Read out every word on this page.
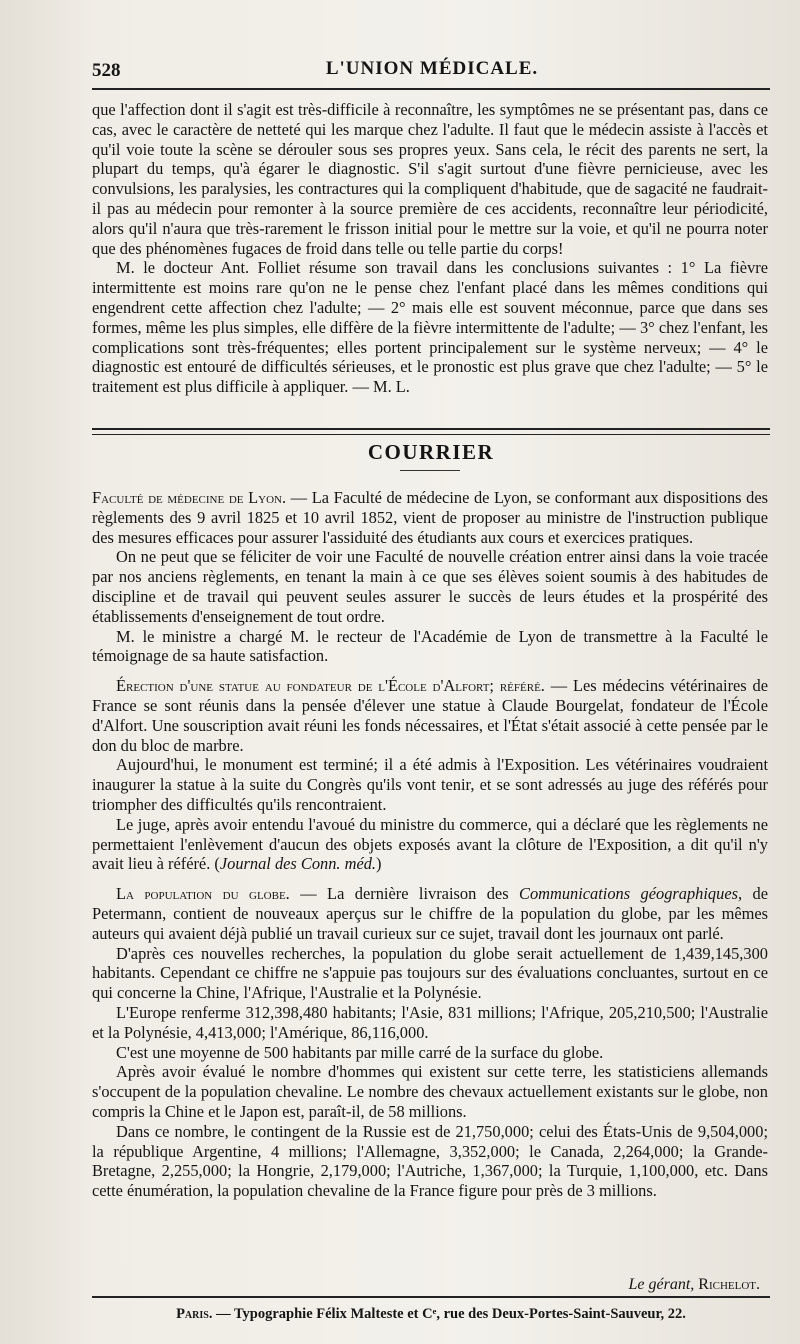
528	L'UNION MÉDICALE.

que l'affection dont il s'agit est très-difficile à reconnaître, les symptômes ne se présentant pas, dans ce cas, avec le caractère de netteté qui les marque chez l'adulte. Il faut que le médecin assiste à l'accès et qu'il voie toute la scène se dérouler sous ses propres yeux. Sans cela, le récit des parents ne sert, la plupart du temps, qu'à égarer le diagnostic. S'il s'agit surtout d'une fièvre pernicieuse, avec les convulsions, les paralysies, les contractures qui la compliquent d'habitude, que de sagacité ne faudrait-il pas au médecin pour remonter à la source première de ces accidents, reconnaître leur périodicité, alors qu'il n'aura que très-rarement le frisson initial pour le mettre sur la voie, et qu'il ne pourra noter que des phénomènes fugaces de froid dans telle ou telle partie du corps!

M. le docteur Ant. Folliet résume son travail dans les conclusions suivantes : 1° La fièvre intermittente est moins rare qu'on ne le pense chez l'enfant placé dans les mêmes conditions qui engendrent cette affection chez l'adulte; — 2° mais elle est souvent méconnue, parce que dans ses formes, même les plus simples, elle diffère de la fièvre intermittente de l'adulte; — 3° chez l'enfant, les complications sont très-fréquentes; elles portent principalement sur le système nerveux; — 4° le diagnostic est entouré de difficultés sérieuses, et le pronostic est plus grave que chez l'adulte; — 5° le traitement est plus difficile à appliquer. — M. L.

COURRIER

Faculté de médecine de Lyon. — La Faculté de médecine de Lyon, se conformant aux dispositions des règlements des 9 avril 1825 et 10 avril 1852, vient de proposer au ministre de l'instruction publique des mesures efficaces pour assurer l'assiduité des étudiants aux cours et exercices pratiques.

On ne peut que se féliciter de voir une Faculté de nouvelle création entrer ainsi dans la voie tracée par nos anciens règlements, en tenant la main à ce que ses élèves soient soumis à des habitudes de discipline et de travail qui peuvent seules assurer le succès de leurs études et la prospérité des établissements d'enseignement de tout ordre.

M. le ministre a chargé M. le recteur de l'Académie de Lyon de transmettre à la Faculté le témoignage de sa haute satisfaction.

Érection d'une statue au fondateur de l'École d'Alfort; référé. — Les médecins vétérinaires de France se sont réunis dans la pensée d'élever une statue à Claude Bourgelat, fondateur de l'École d'Alfort. Une souscription avait réuni les fonds nécessaires, et l'État s'était associé à cette pensée par le don du bloc de marbre.

Aujourd'hui, le monument est terminé; il a été admis à l'Exposition. Les vétérinaires voudraient inaugurer la statue à la suite du Congrès qu'ils vont tenir, et se sont adressés au juge des référés pour triompher des difficultés qu'ils rencontraient.

Le juge, après avoir entendu l'avoué du ministre du commerce, qui a déclaré que les règlements ne permettaient l'enlèvement d'aucun des objets exposés avant la clôture de l'Exposition, a dit qu'il n'y avait lieu à référé. (Journal des Conn. méd.)

La population du globe. — La dernière livraison des Communications géographiques, de Petermann, contient de nouveaux aperçus sur le chiffre de la population du globe, par les mêmes auteurs qui avaient déjà publié un travail curieux sur ce sujet, travail dont les journaux ont parlé.

D'après ces nouvelles recherches, la population du globe serait actuellement de 1,439,145,300 habitants. Cependant ce chiffre ne s'appuie pas toujours sur des évaluations concluantes, surtout en ce qui concerne la Chine, l'Afrique, l'Australie et la Polynésie.

L'Europe renferme 312,398,480 habitants; l'Asie, 831 millions; l'Afrique, 205,210,500; l'Australie et la Polynésie, 4,413,000; l'Amérique, 86,116,000.

C'est une moyenne de 500 habitants par mille carré de la surface du globe.

Après avoir évalué le nombre d'hommes qui existent sur cette terre, les statisticiens allemands s'occupent de la population chevaline. Le nombre des chevaux actuellement existants sur le globe, non compris la Chine et le Japon est, paraît-il, de 58 millions.

Dans ce nombre, le contingent de la Russie est de 21,750,000; celui des États-Unis de 9,504,000; la république Argentine, 4 millions; l'Allemagne, 3,352,000; le Canada, 2,264,000; la Grande-Bretagne, 2,255,000; la Hongrie, 2,179,000; l'Autriche, 1,367,000; la Turquie, 1,100,000, etc. Dans cette énumération, la population chevaline de la France figure pour près de 3 millions.

Le gérant, Richelot.
Paris. — Typographie Félix Malteste et Cᵉ, rue des Deux-Portes-Saint-Sauveur, 22.
